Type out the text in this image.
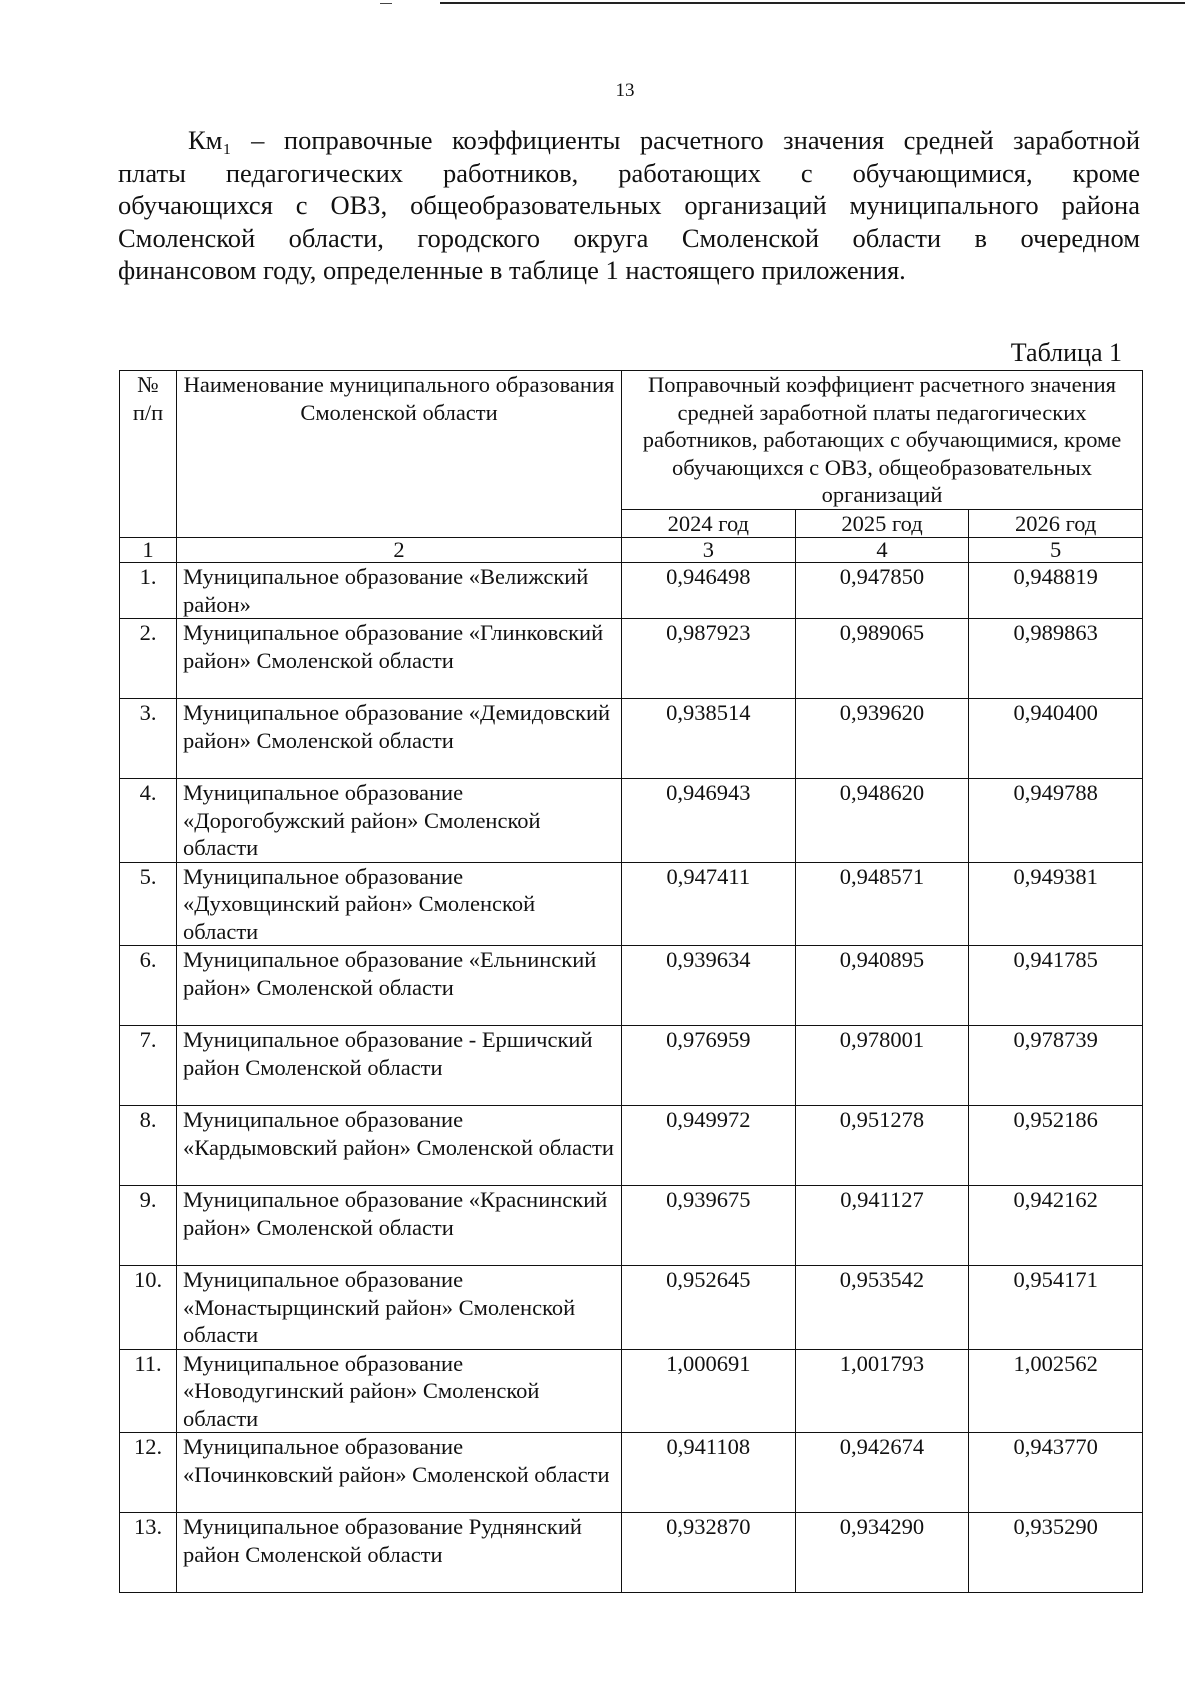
13
Км₁ – поправочные коэффициенты расчетного значения средней заработной
платы педагогических работников, работающих с обучающимися, кроме
обучающихся с ОВЗ, общеобразовательных организаций муниципального района
Смоленской области, городского округа Смоленской области в очередном
финансовом году, определенные в таблице 1 настоящего приложения.
Таблица 1
№ п/п	Наименование муниципального образования Смоленской области	Поправочный коэффициент расчетного значения средней заработной платы педагогических работников, работающих с обучающимися, кроме обучающихся с ОВЗ, общеобразовательных организаций		
		2024 год	2025 год	2026 год
1	2	3	4	5
1.	Муниципальное образование «Велижский район»	0,946498	0,947850	0,948819
2.	Муниципальное образование «Глинковский район» Смоленской области	0,987923	0,989065	0,989863
3.	Муниципальное образование «Демидовский район» Смоленской области	0,938514	0,939620	0,940400
4.	Муниципальное образование «Дорогобужский район» Смоленской области	0,946943	0,948620	0,949788
5.	Муниципальное образование «Духовщинский район» Смоленской области	0,947411	0,948571	0,949381
6.	Муниципальное образование «Ельнинский район» Смоленской области	0,939634	0,940895	0,941785
7.	Муниципальное образование - Ершичский район Смоленской области	0,976959	0,978001	0,978739
8.	Муниципальное образование «Кардымовский район» Смоленской области	0,949972	0,951278	0,952186
9.	Муниципальное образование «Краснинский район» Смоленской области	0,939675	0,941127	0,942162
10.	Муниципальное образование «Монастырщинский район» Смоленской области	0,952645	0,953542	0,954171
11.	Муниципальное образование «Новодугинский район» Смоленской области	1,000691	1,001793	1,002562
12.	Муниципальное образование «Починковский район» Смоленской области	0,941108	0,942674	0,943770
13.	Муниципальное образование Руднянский район Смоленской области	0,932870	0,934290	0,935290
